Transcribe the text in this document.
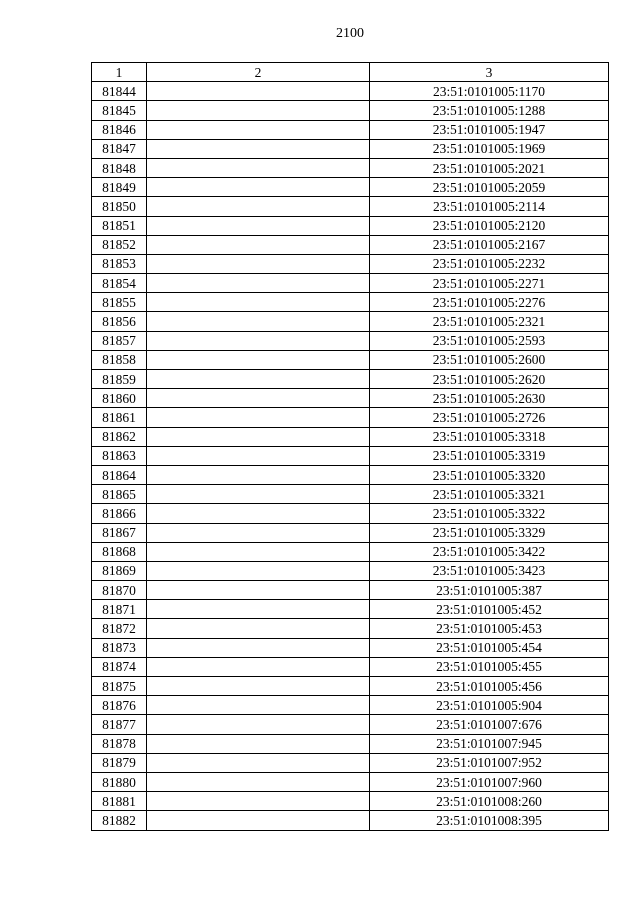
2100
1	2	3
81844		23:51:0101005:1170
81845		23:51:0101005:1288
81846		23:51:0101005:1947
81847		23:51:0101005:1969
81848		23:51:0101005:2021
81849		23:51:0101005:2059
81850		23:51:0101005:2114
81851		23:51:0101005:2120
81852		23:51:0101005:2167
81853		23:51:0101005:2232
81854		23:51:0101005:2271
81855		23:51:0101005:2276
81856		23:51:0101005:2321
81857		23:51:0101005:2593
81858		23:51:0101005:2600
81859		23:51:0101005:2620
81860		23:51:0101005:2630
81861		23:51:0101005:2726
81862		23:51:0101005:3318
81863		23:51:0101005:3319
81864		23:51:0101005:3320
81865		23:51:0101005:3321
81866		23:51:0101005:3322
81867		23:51:0101005:3329
81868		23:51:0101005:3422
81869		23:51:0101005:3423
81870		23:51:0101005:387
81871		23:51:0101005:452
81872		23:51:0101005:453
81873		23:51:0101005:454
81874		23:51:0101005:455
81875		23:51:0101005:456
81876		23:51:0101005:904
81877		23:51:0101007:676
81878		23:51:0101007:945
81879		23:51:0101007:952
81880		23:51:0101007:960
81881		23:51:0101008:260
81882		23:51:0101008:395
